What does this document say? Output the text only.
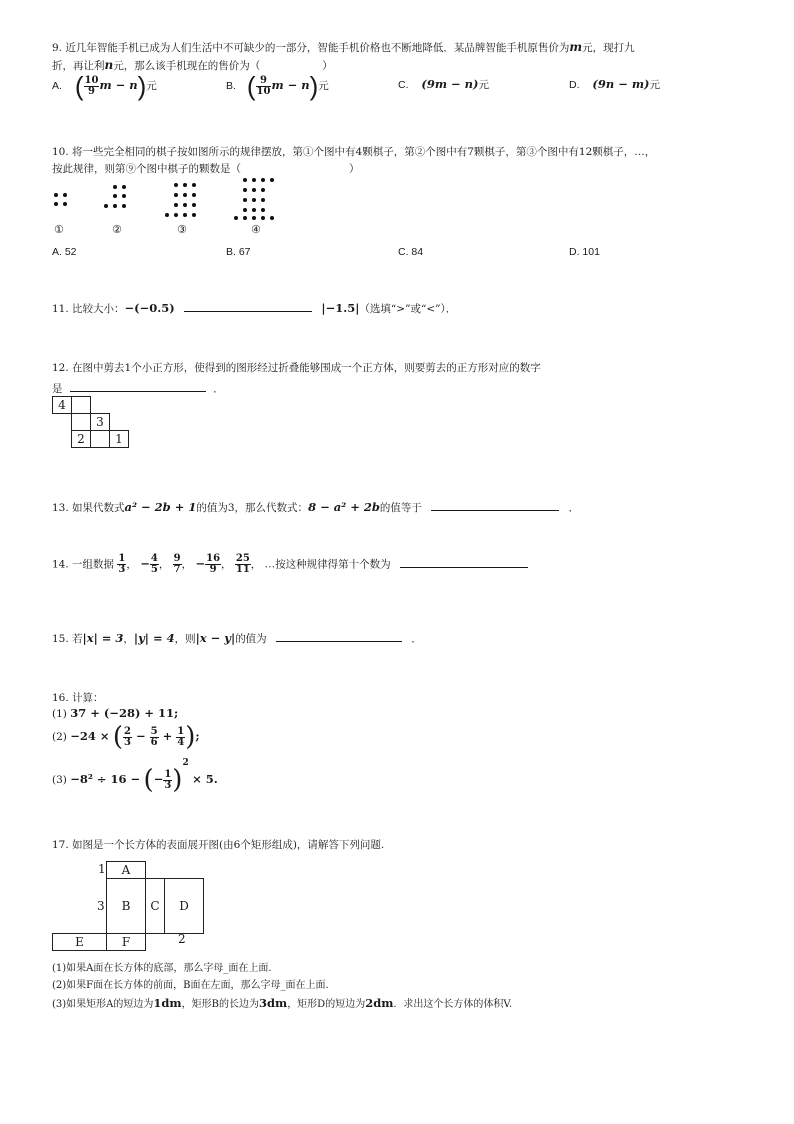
9. 近几年智能手机已成为人们生活中不可缺少的一部分，智能手机价格也不断地降低．某品牌智能手机原售价为m元，现打九
折，再让利n元，那么该手机现在的售价为（	）
A. ( $\frac{10}{9}$ m − n)元	B. ( $\frac{9}{10}$ m − n)元	C. (9m − n)元	D. (9n − m)元
10. 将一些完全相同的棋子按如图所示的规律摆放，第①个图中有4颗棋子，第②个图中有7颗棋子，第③个图中有12颗棋子，…，
按此规律，则第⑨个图中棋子的颗数是（	）
①	②	③	④
A. 52	B. 67	C. 84	D. 101
11. 比较大小：−(−0.5)	|−1.5|（选填“>”或“<”）．
12. 在图中剪去1个小正方形，使得到的图形经过折叠能够围成一个正方体，则要剪去的正方形对应的数字
是	．
4
3
2	1
13. 如果代数式a² − 2b + 1的值为3，那么代数式：8 − a² + 2b的值等于	．
14. 一组数据 $\frac{1}{3}$ ， − $\frac{4}{5}$ ， $\frac{9}{7}$ ， − $\frac{16}{9}$ ， $\frac{25}{11}$ ， …按这种规律得第十个数为
15. 若|x| = 3，|y| = 4，则|x − y|的值为	．
16. 计算：
(1) 37 + (−28) + 11;
(2) −24 × ( $\frac{2}{3} - \frac{5}{6} + \frac{1}{4}$ );
(3) −8² ÷ 16 − (− $\frac{1}{3} )^2 \times 5$.
17. 如图是一个长方体的表面展开图(由6个矩形组成)，请解答下列问题.
A
B	C	D
E	F
1
3
2
(1)如果A面在长方体的底部，那么字母_面在上面.
(2)如果F面在长方体的前面，B面在左面，那么字母_面在上面.
(3)如果矩形A的短边为1dm，矩形B的长边为3dm，矩形D的短边为2dm．求出这个长方体的体积V.
